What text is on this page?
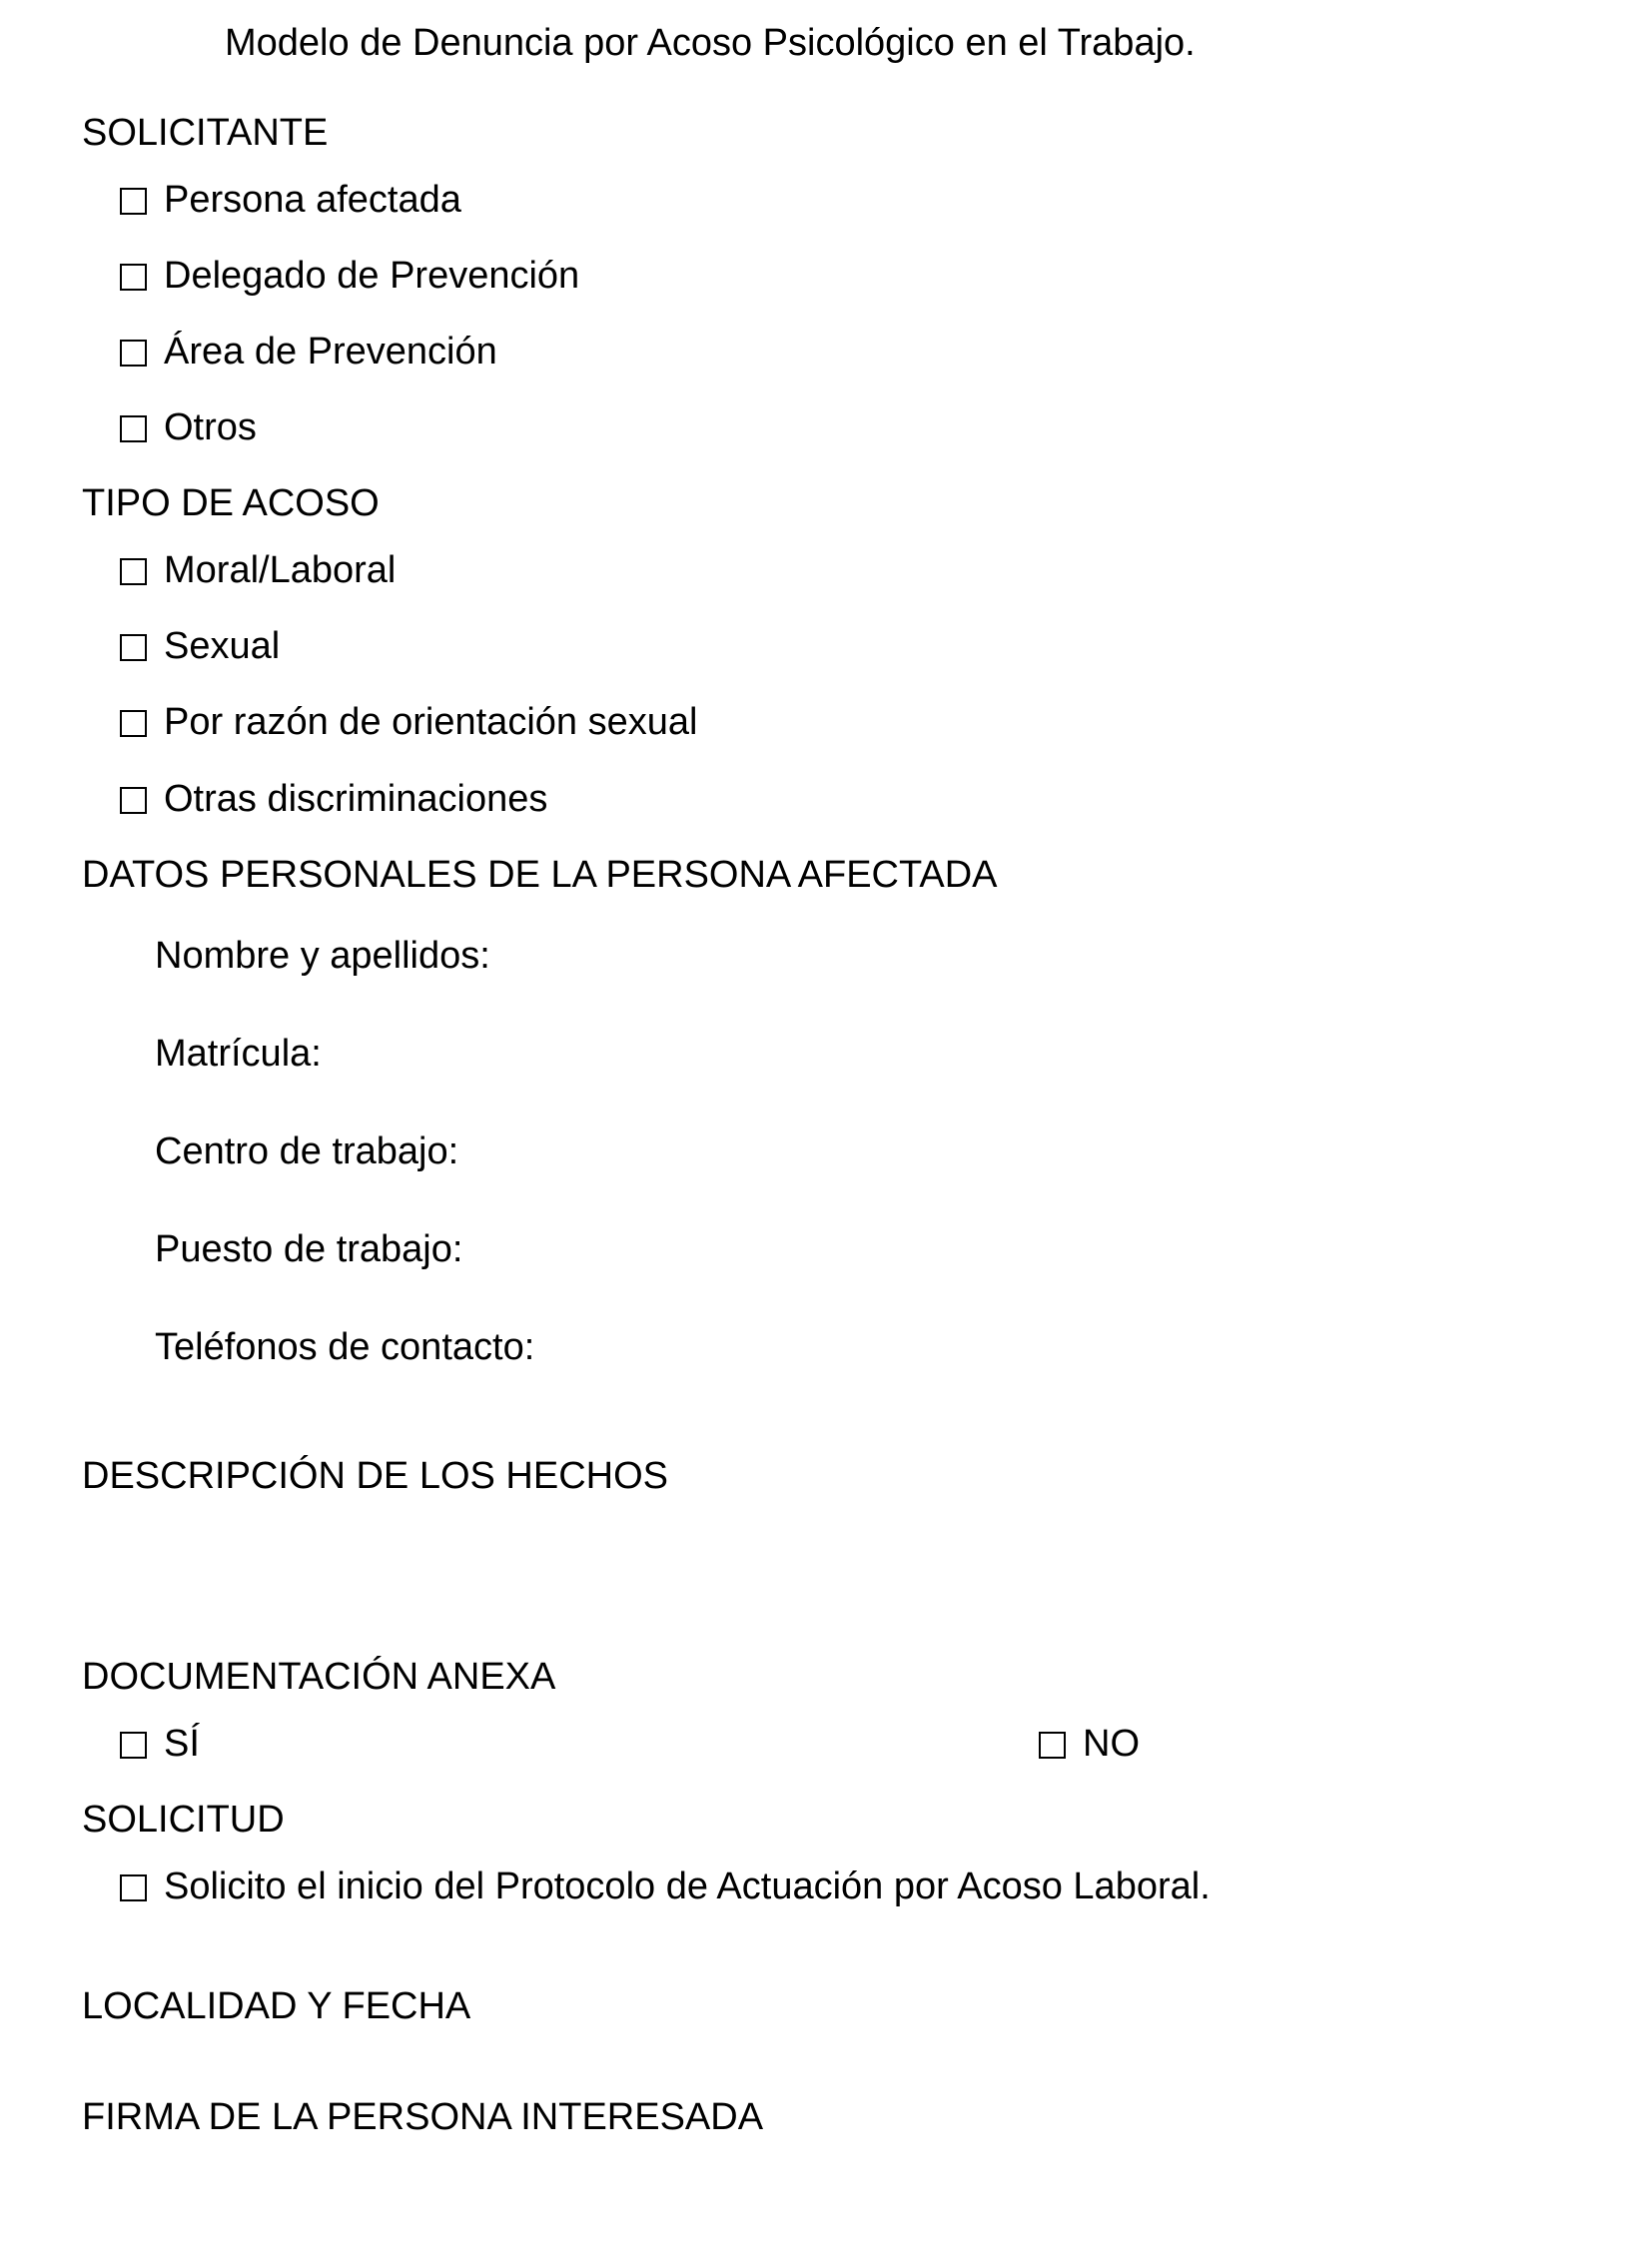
Modelo de Denuncia por Acoso Psicológico en el Trabajo.
SOLICITANTE
Persona afectada
Delegado de Prevención
Área de Prevención
Otros
TIPO DE ACOSO
Moral/Laboral
Sexual
Por razón de orientación sexual
Otras discriminaciones
DATOS PERSONALES DE LA PERSONA AFECTADA
Nombre y apellidos:
Matrícula:
Centro de trabajo:
Puesto de trabajo:
Teléfonos de contacto:
DESCRIPCIÓN DE LOS HECHOS
DOCUMENTACIÓN ANEXA
SÍ	NO
SOLICITUD
Solicito el inicio del Protocolo de Actuación por Acoso Laboral.
LOCALIDAD Y FECHA
FIRMA DE LA PERSONA INTERESADA
